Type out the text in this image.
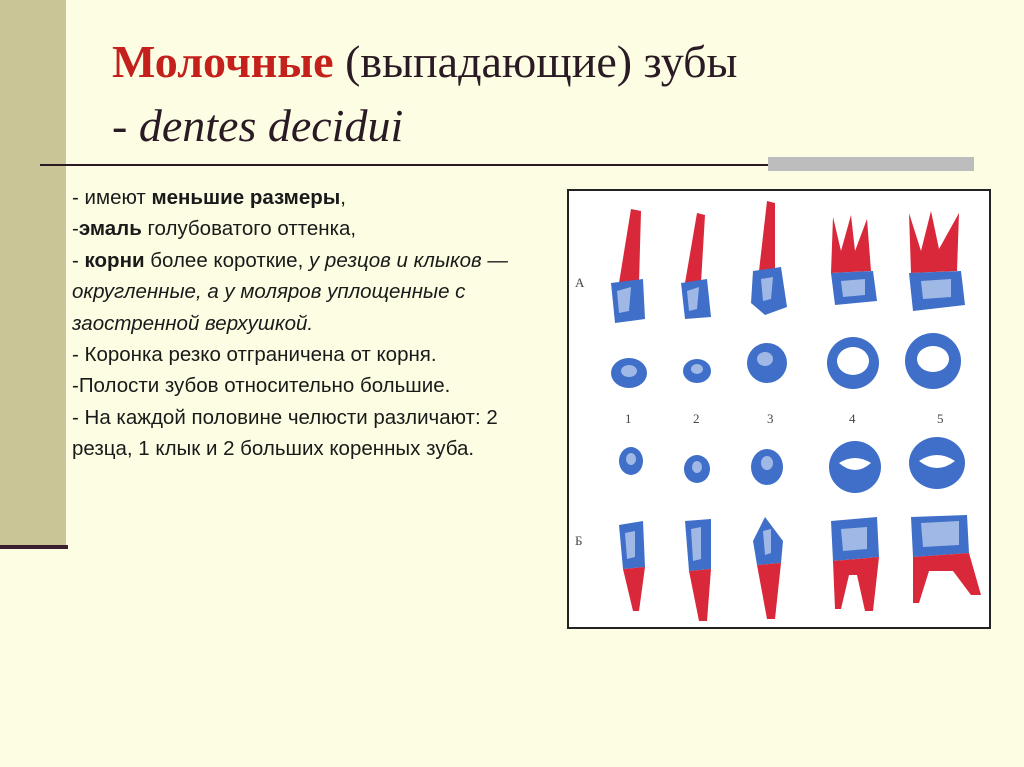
Молочные (выпадающие) зубы
- dentes decidui

- имеют меньшие размеры,

-эмаль голубоватого оттенка,

- корни более короткие, у резцов и клыков — округленные, а у моляров уплощенные с заостренной верхушкой.

- Коронка резко отграничена от корня.

-Полости зубов относительно большие.

- На каждой половине челюсти различают: 2 резца, 1 клык и 2 больших коренных зуба.

1	2	3	4	5
А
Б
